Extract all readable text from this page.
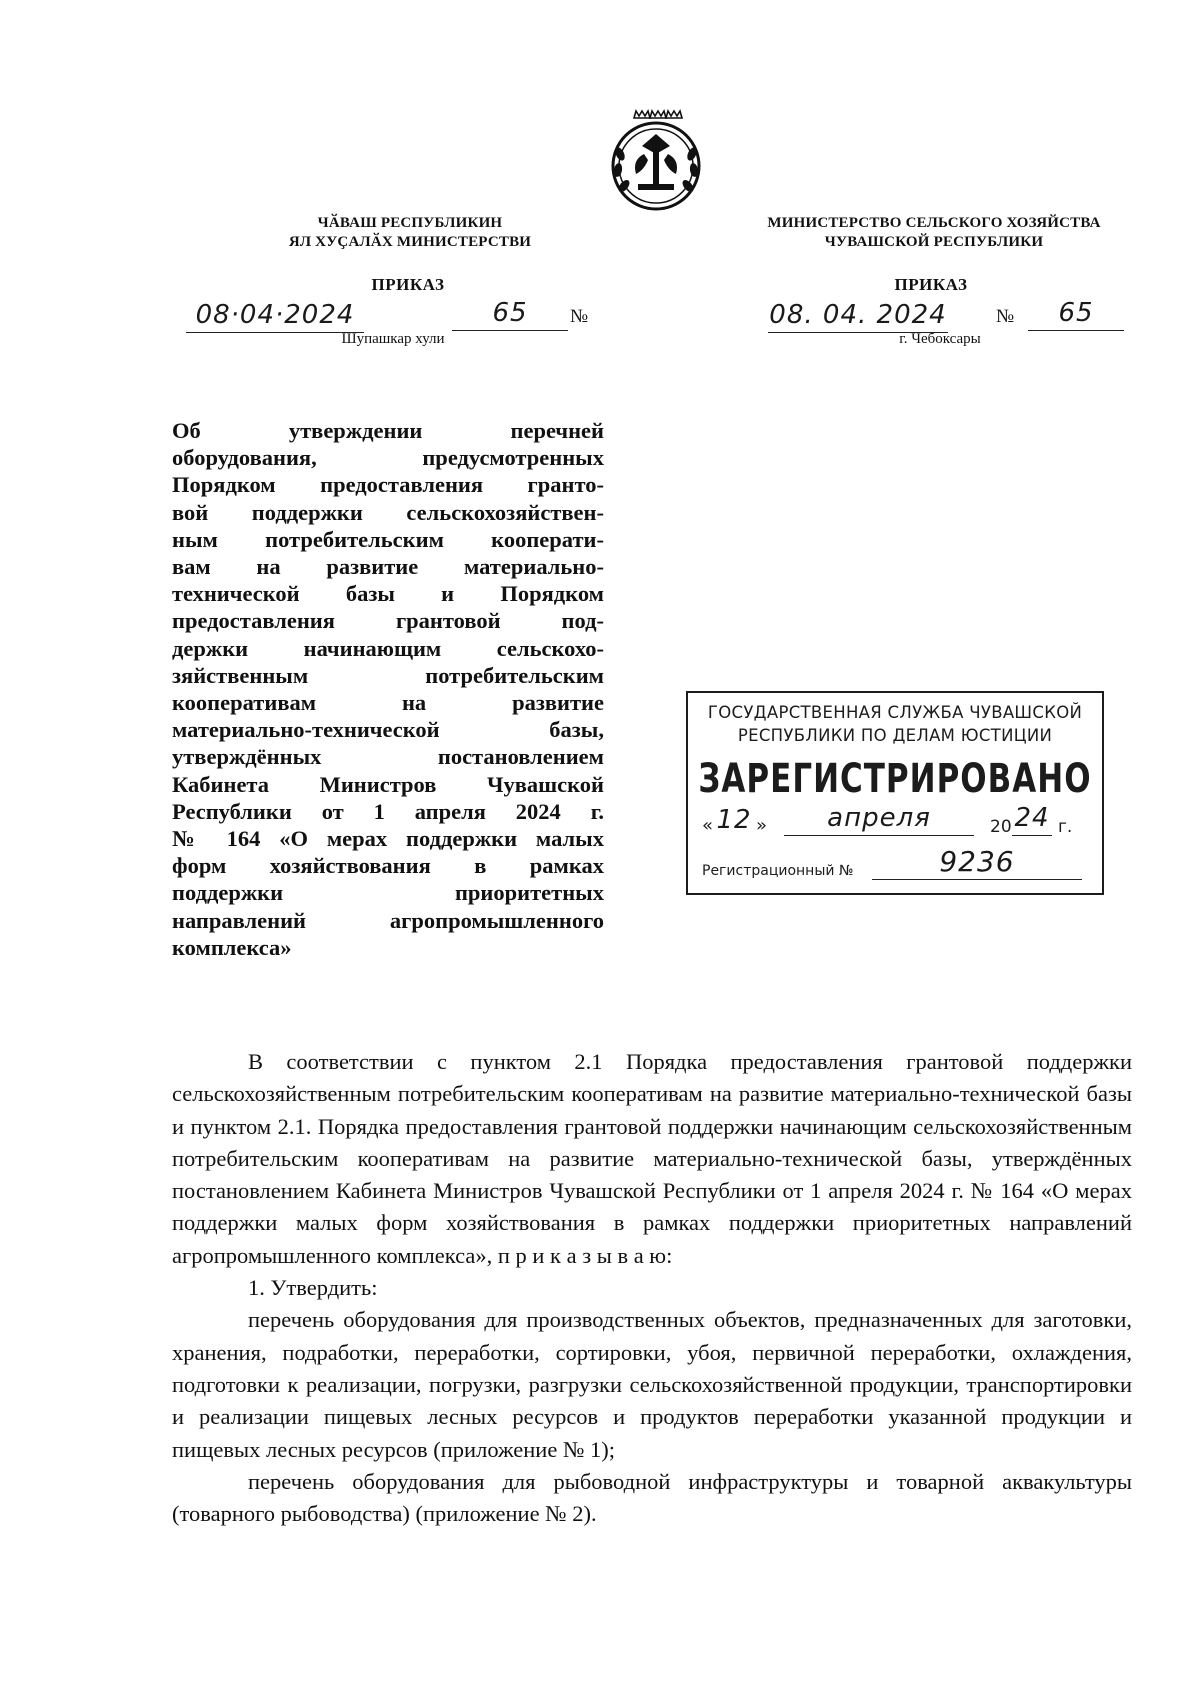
ЧӐВАШ РЕСПУБЛИКИН
ЯЛ ХУҪАЛӐХ МИНИСТЕРСТВИ
ПРИКАЗ
08·04·2024	65	№
Шупашкар хули
МИНИСТЕРСТВО СЕЛЬСКОГО ХОЗЯЙСТВА
ЧУВАШСКОЙ РЕСПУБЛИКИ
ПРИКАЗ
08. 04. 2024	№	65
г. Чебоксары
Об утверждении перечней
оборудования, предусмотренных
Порядком предоставления гранто-
вой поддержки сельскохозяйствен-
ным потребительским кооперати-
вам на развитие материально-
технической базы и Порядком
предоставления грантовой под-
держки начинающим сельскохо-
зяйственным потребительским
кооперативам на развитие
материально-технической базы,
утверждённых постановлением
Кабинета Министров Чувашской
Республики от 1 апреля 2024 г.
№ 164 «О мерах поддержки малых
форм хозяйствования в рамках
поддержки приоритетных
направлений агропромышленного
комплекса»
ГОСУДАРСТВЕННАЯ СЛУЖБА ЧУВАШСКОЙ
РЕСПУБЛИКИ ПО ДЕЛАМ ЮСТИЦИИ
ЗАРЕГИСТРИРОВАНО
« 12 »	апреля	20 24 г.
Регистрационный №	9236

В соответствии с пунктом 2.1 Порядка предоставления грантовой поддержки сельскохозяйственным потребительским кооперативам на развитие материально-технической базы и пунктом 2.1. Порядка предоставления грантовой поддержки начинающим сельскохозяйственным потребительским кооперативам на развитие материально-технической базы, утверждённых постановлением Кабинета Министров Чувашской Республики от 1 апреля 2024 г. № 164 «О мерах поддержки малых форм хозяйствования в рамках поддержки приоритетных направлений агропромышленного комплекса», п р и к а з ы в а ю:

1. Утвердить:

перечень оборудования для производственных объектов, предназначенных для заготовки, хранения, подработки, переработки, сортировки, убоя, первичной переработки, охлаждения, подготовки к реализации, погрузки, разгрузки сельскохозяйственной продукции, транспортировки и реализации пищевых лесных ресурсов и продуктов переработки указанной продукции и пищевых лесных ресурсов (приложение № 1);

перечень оборудования для рыбоводной инфраструктуры и товарной аквакультуры (товарного рыбоводства) (приложение № 2).
